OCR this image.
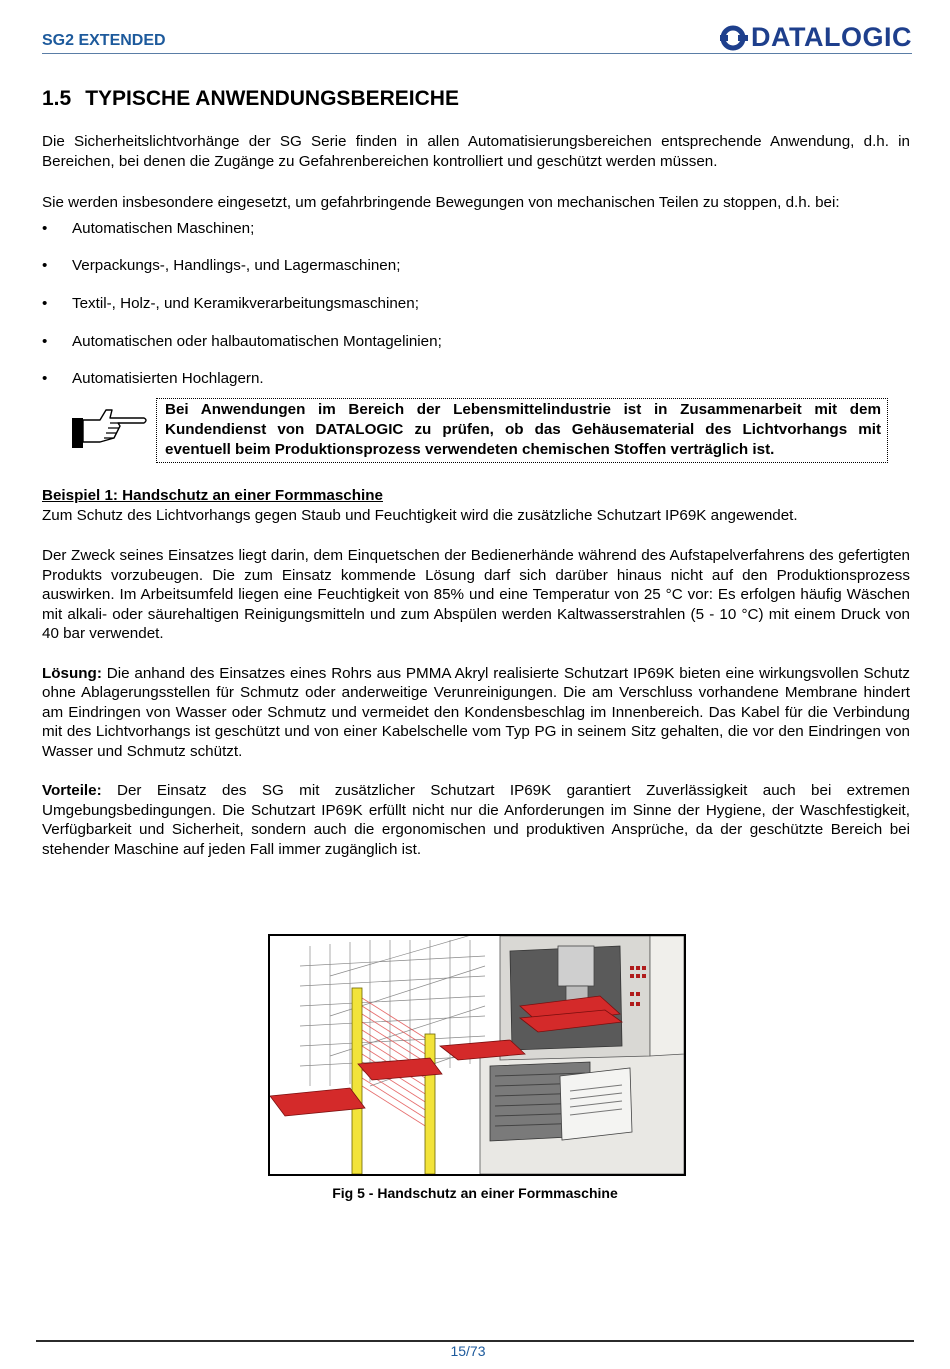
SG2 EXTENDED	DATALOGIC
1.5 TYPISCHE ANWENDUNGSBEREICHE

Die Sicherheitslichtvorhänge der SG Serie finden in allen Automatisierungsbereichen entsprechende Anwendung, d.h. in Bereichen, bei denen die Zugänge zu Gefahrenbereichen kontrolliert und geschützt werden müssen.

Sie werden insbesondere eingesetzt, um gefahrbringende Bewegungen von mechanischen Teilen zu stoppen, d.h. bei:

• Automatischen Maschinen;
• Verpackungs-, Handlings-, und Lagermaschinen;
• Textil-, Holz-, und Keramikverarbeitungsmaschinen;
• Automatischen oder halbautomatischen Montagelinien;
• Automatisierten Hochlagern.
Bei Anwendungen im Bereich der Lebensmittelindustrie ist in Zusammenarbeit mit dem Kundendienst von DATALOGIC zu prüfen, ob das Gehäusematerial des Lichtvorhangs mit eventuell beim Produktionsprozess verwendeten chemischen Stoffen verträglich ist.
Beispiel 1: Handschutz an einer Formmaschine

Zum Schutz des Lichtvorhangs gegen Staub und Feuchtigkeit wird die zusätzliche Schutzart IP69K angewendet.

Der Zweck seines Einsatzes liegt darin, dem Einquetschen der Bedienerhände während des Aufstapelverfahrens des gefertigten Produkts vorzubeugen. Die zum Einsatz kommende Lösung darf sich darüber hinaus nicht auf den Produktionsprozess auswirken. Im Arbeitsumfeld liegen eine Feuchtigkeit von 85% und eine Temperatur von 25 °C vor: Es erfolgen häufig Wäschen mit alkali- oder säurehaltigen Reinigungsmitteln und zum Abspülen werden Kaltwasserstrahlen (5 - 10 °C) mit einem Druck von 40 bar verwendet.

Lösung: Die anhand des Einsatzes eines Rohrs aus PMMA Akryl realisierte Schutzart IP69K bieten eine wirkungsvollen Schutz ohne Ablagerungsstellen für Schmutz oder anderweitige Verunreinigungen. Die am Verschluss vorhandene Membrane hindert am Eindringen von Wasser oder Schmutz und vermeidet den Kondensbeschlag im Innenbereich. Das Kabel für die Verbindung mit des Lichtvorhangs ist geschützt und von einer Kabelschelle vom Typ PG in seinem Sitz gehalten, die vor den Eindringen von Wasser und Schmutz schützt.

Vorteile: Der Einsatz des SG mit zusätzlicher Schutzart IP69K garantiert Zuverlässigkeit auch bei extremen Umgebungsbedingungen. Die Schutzart IP69K erfüllt nicht nur die Anforderungen im Sinne der Hygiene, der Waschfestigkeit, Verfügbarkeit und Sicherheit, sondern auch die ergonomischen und produktiven Ansprüche, da der geschützte Bereich bei stehender Maschine auf jeden Fall immer zugänglich ist.

Fig 5 - Handschutz an einer Formmaschine
15/73
